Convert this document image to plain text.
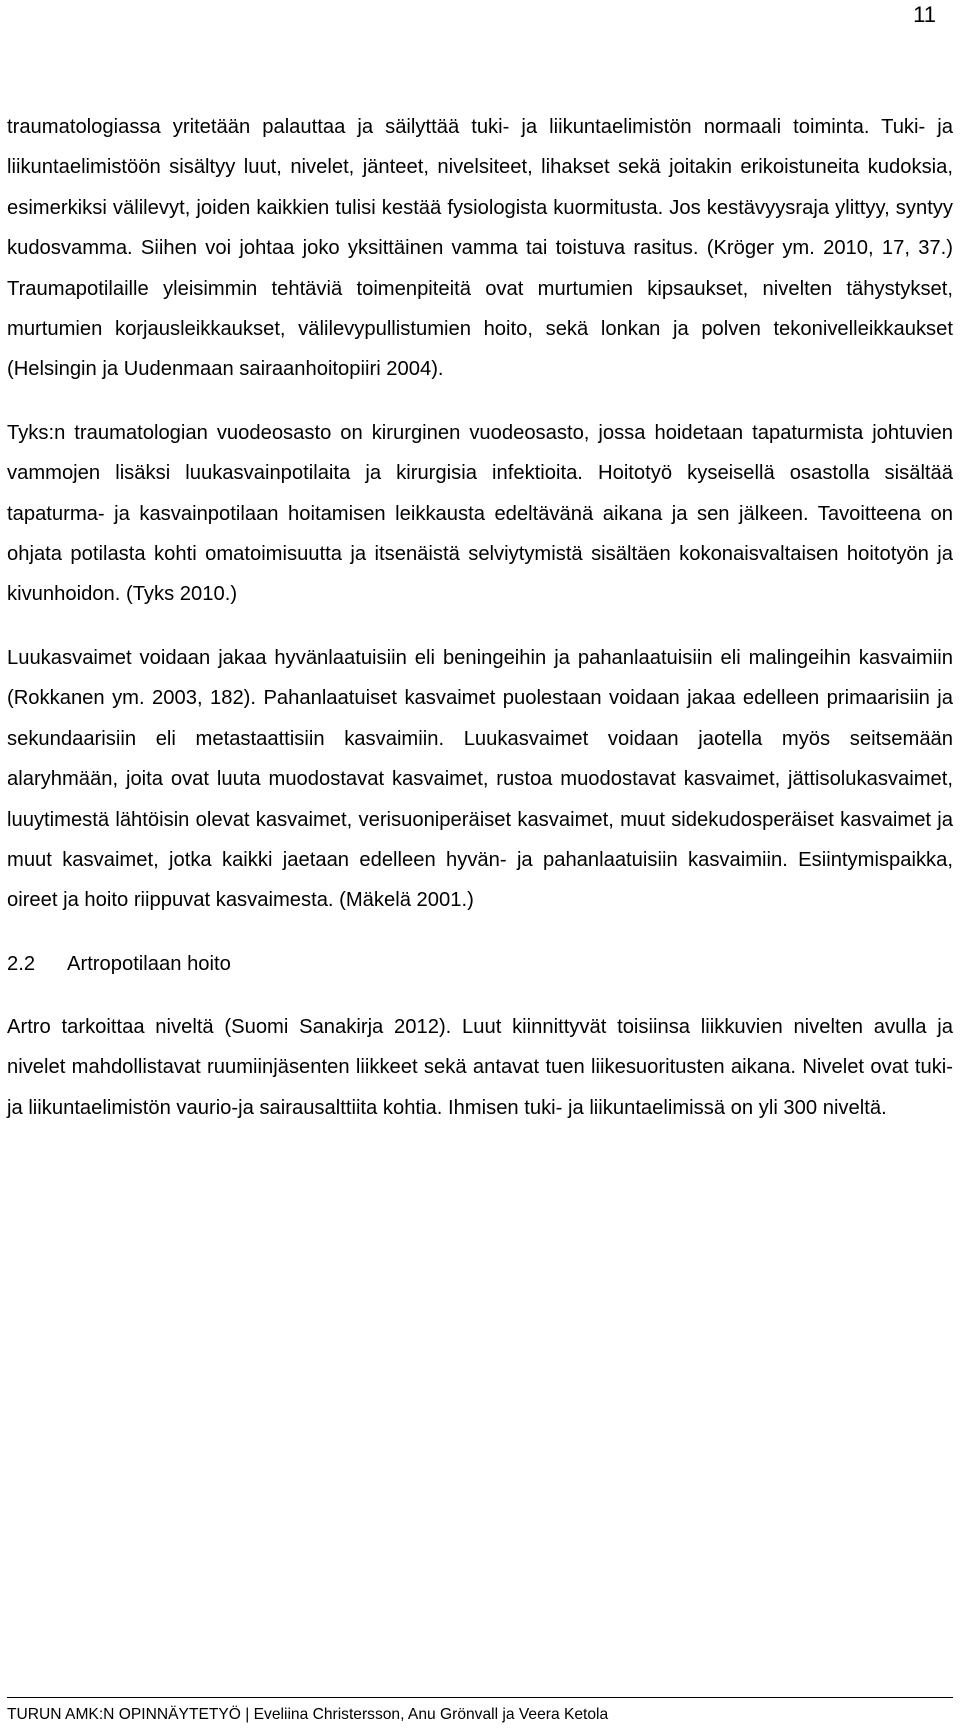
11

traumatologiassa yritetään palauttaa ja säilyttää tuki- ja liikuntaelimistön normaali toiminta. Tuki- ja liikuntaelimistöön sisältyy luut, nivelet, jänteet, nivelsiteet, lihakset sekä joitakin erikoistuneita kudoksia, esimerkiksi välilevyt, joiden kaikkien tulisi kestää fysiologista kuormitusta. Jos kestävyysraja ylittyy, syntyy kudosvamma. Siihen voi johtaa joko yksittäinen vamma tai toistuva rasitus. (Kröger ym. 2010, 17, 37.) Traumapotilaille yleisimmin tehtäviä toimenpiteitä ovat murtumien kipsaukset, nivelten tähystykset, murtumien korjausleikkaukset, välilevypullistumien hoito, sekä lonkan ja polven tekonivelleikkaukset (Helsingin ja Uudenmaan sairaanhoitopiiri 2004).

Tyks:n traumatologian vuodeosasto on kirurginen vuodeosasto, jossa hoidetaan tapaturmista johtuvien vammojen lisäksi luukasvainpotilaita ja kirurgisia infektioita. Hoitotyö kyseisellä osastolla sisältää tapaturma- ja kasvainpotilaan hoitamisen leikkausta edeltävänä aikana ja sen jälkeen. Tavoitteena on ohjata potilasta kohti omatoimisuutta ja itsenäistä selviytymistä sisältäen kokonaisvaltaisen hoitotyön ja kivunhoidon. (Tyks 2010.)

Luukasvaimet voidaan jakaa hyvänlaatuisiin eli beningeihin ja pahanlaatuisiin eli malingeihin kasvaimiin (Rokkanen ym. 2003, 182). Pahanlaatuiset kasvaimet puolestaan voidaan jakaa edelleen primaarisiin ja sekundaarisiin eli metastaattisiin kasvaimiin. Luukasvaimet voidaan jaotella myös seitsemään alaryhmään, joita ovat luuta muodostavat kasvaimet, rustoa muodostavat kasvaimet, jättisolukasvaimet, luuytimestä lähtöisin olevat kasvaimet, verisuoniperäiset kasvaimet, muut sidekudosperäiset kasvaimet ja muut kasvaimet, jotka kaikki jaetaan edelleen hyvän- ja pahanlaatuisiin kasvaimiin. Esiintymispaikka, oireet ja hoito riippuvat kasvaimesta. (Mäkelä 2001.)

2.2	Artropotilaan hoito

Artro tarkoittaa niveltä (Suomi Sanakirja 2012). Luut kiinnittyvät toisiinsa liikkuvien nivelten avulla ja nivelet mahdollistavat ruumiinjäsenten liikkeet sekä antavat tuen liikesuoritusten aikana. Nivelet ovat tuki- ja liikuntaelimistön vaurio-ja sairausalttiita kohtia. Ihmisen tuki- ja liikuntaelimissä on yli 300 niveltä.

TURUN AMK:N OPINNÄYTETYÖ | Eveliina Christersson, Anu Grönvall ja Veera Ketola
